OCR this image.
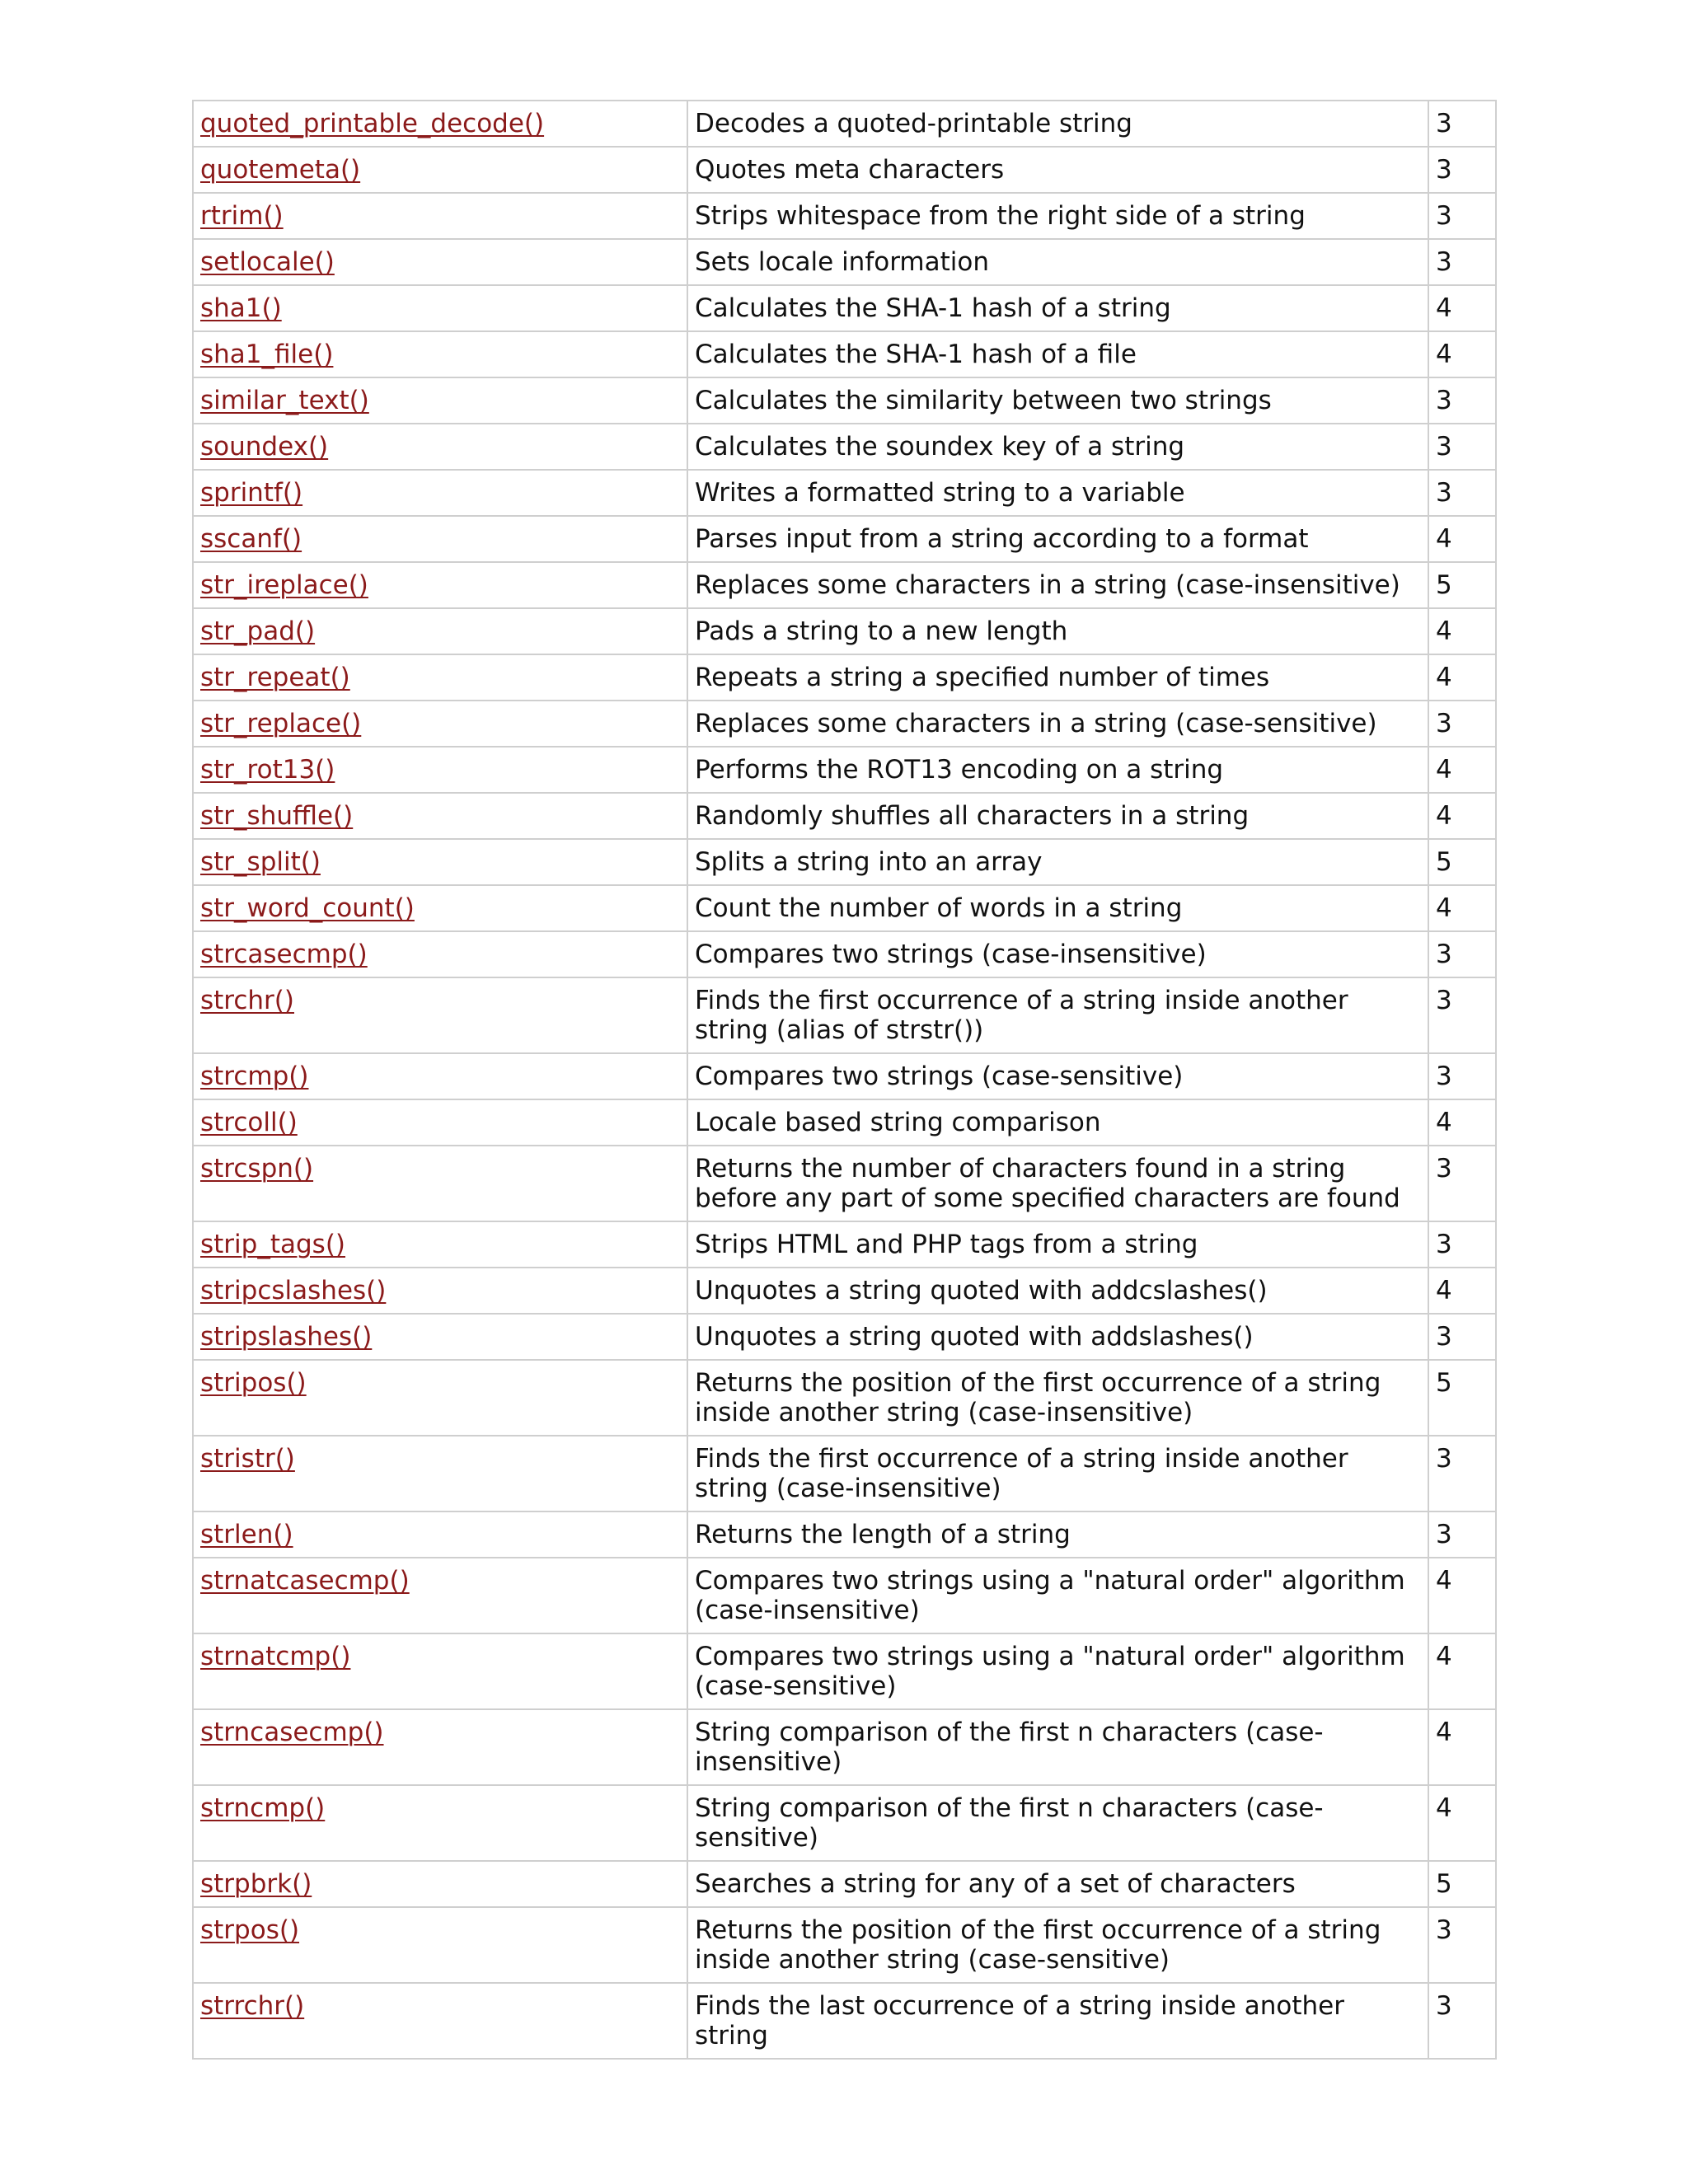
quoted_printable_decode()	Decodes a quoted-printable string	3
quotemeta()	Quotes meta characters	3
rtrim()	Strips whitespace from the right side of a string	3
setlocale()	Sets locale information	3
sha1()	Calculates the SHA-1 hash of a string	4
sha1_file()	Calculates the SHA-1 hash of a file	4
similar_text()	Calculates the similarity between two strings	3
soundex()	Calculates the soundex key of a string	3
sprintf()	Writes a formatted string to a variable	3
sscanf()	Parses input from a string according to a format	4
str_ireplace()	Replaces some characters in a string (case-insensitive)	5
str_pad()	Pads a string to a new length	4
str_repeat()	Repeats a string a specified number of times	4
str_replace()	Replaces some characters in a string (case-sensitive)	3
str_rot13()	Performs the ROT13 encoding on a string	4
str_shuffle()	Randomly shuffles all characters in a string	4
str_split()	Splits a string into an array	5
str_word_count()	Count the number of words in a string	4
strcasecmp()	Compares two strings (case-insensitive)	3
strchr()	Finds the first occurrence of a string inside another string (alias of strstr())	3
strcmp()	Compares two strings (case-sensitive)	3
strcoll()	Locale based string comparison	4
strcspn()	Returns the number of characters found in a string before any part of some specified characters are found	3
strip_tags()	Strips HTML and PHP tags from a string	3
stripcslashes()	Unquotes a string quoted with addcslashes()	4
stripslashes()	Unquotes a string quoted with addslashes()	3
stripos()	Returns the position of the first occurrence of a string inside another string (case-insensitive)	5
stristr()	Finds the first occurrence of a string inside another string (case-insensitive)	3
strlen()	Returns the length of a string	3
strnatcasecmp()	Compares two strings using a "natural order" algorithm (case-insensitive)	4
strnatcmp()	Compares two strings using a "natural order" algorithm (case-sensitive)	4
strncasecmp()	String comparison of the first n characters (case-insensitive)	4
strncmp()	String comparison of the first n characters (case-sensitive)	4
strpbrk()	Searches a string for any of a set of characters	5
strpos()	Returns the position of the first occurrence of a string inside another string (case-sensitive)	3
strrchr()	Finds the last occurrence of a string inside another string	3
